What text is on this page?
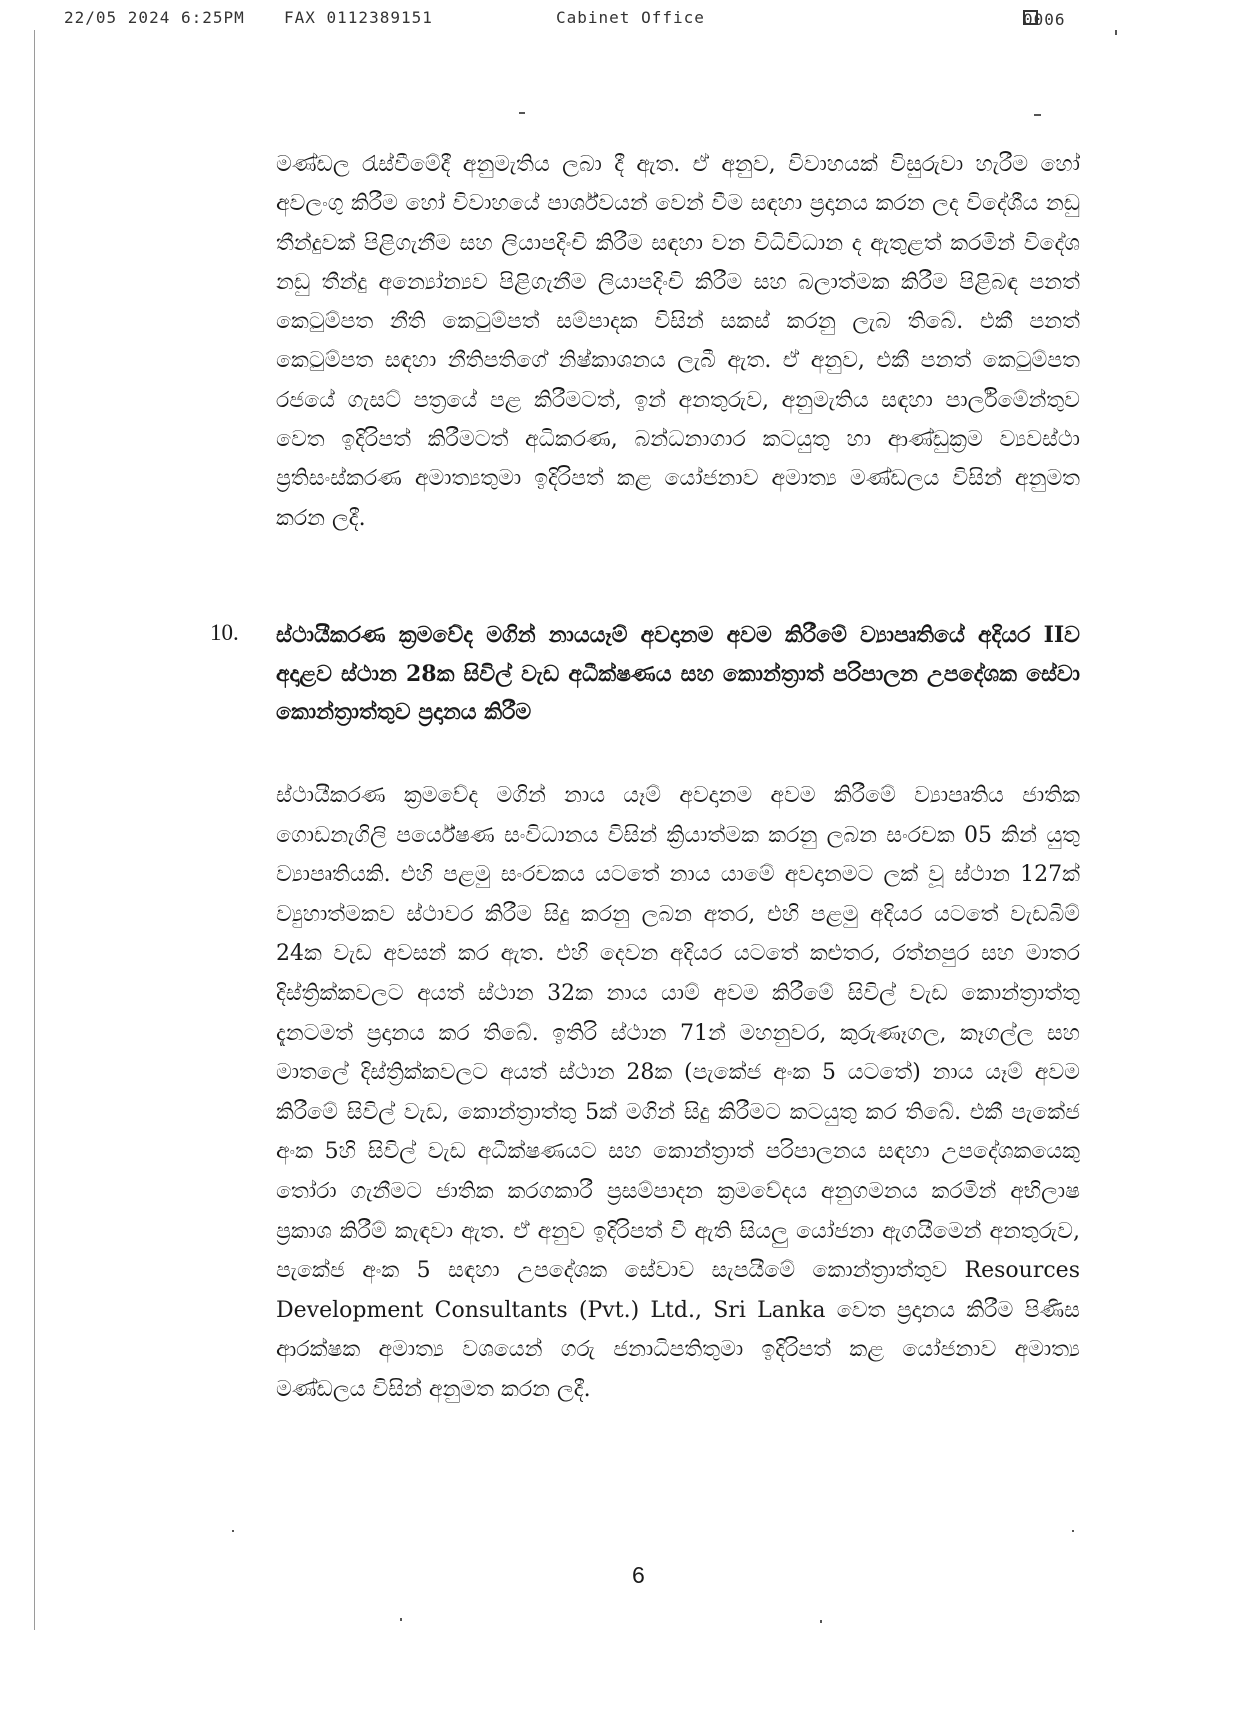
22/05 2024 6:25PM FAX 0112389151	Cabinet Office	0006
මණ්ඩල රැස්වීමේදී අනුමැතිය ලබා දී ඇත. ඒ අනුව, විවාහයක් විසුරුවා හැරීම හෝ අවලංගු කිරීම හෝ විවාහයේ පාර්ශ්වයන් වෙන් වීම සඳහා ප්‍රදානය කරන ලද විදේශීය නඩු තීන්දුවක් පිළිගැනීම සහ ලියාපදිංචි කිරීම සඳහා වන විධිවිධාන ද ඇතුළත් කරමින් විදේශ නඩු තීන්දු අන්‍යෝන්‍යව පිළිගැනීම ලියාපදිංචි කිරීම සහ බලාත්මක කිරීම පිළිබඳ පනත් කෙටුම්පත නීති කෙටුම්පත් සම්පාදක විසින් සකස් කරනු ලැබ තිබේ. එකී පනත් කෙටුම්පත සඳහා නීතිපතිගේ නිෂ්කාශනය ලැබී ඇත. ඒ අනුව, එකී පනත් කෙටුම්පත රජයේ ගැසට් පත්‍රයේ පළ කිරීමටත්, ඉන් අනතුරුව, අනුමැතිය සඳහා පාර්ලිමේන්තුව වෙත ඉදිරිපත් කිරීමටත් අධිකරණ, බන්ධනාගාර කටයුතු හා ආණ්ඩුක්‍රම ව්‍යවස්ථා ප්‍රතිසංස්කරණ අමාත්‍යතුමා ඉදිරිපත් කළ යෝජනාව අමාත්‍ය මණ්ඩලය විසින් අනුමත කරන ලදී.
10. ස්ථායීකරණ ක්‍රමවේද මගින් නායයෑම් අවදානම අවම කිරීමේ ව්‍යාපෘතියේ අදියර IIව අදාළව ස්ථාන 28ක සිවිල් වැඩ අධීක්ෂණය සහ කොන්ත්‍රාත් පරිපාලන උපදේශක සේවා කොන්ත්‍රාත්තුව ප්‍රදානය කිරීම
ස්ථායීකරණ ක්‍රමවේද මගින් නාය යෑම් අවදානම අවම කිරීමේ ව්‍යාපෘතිය ජාතික ගොඩනැගිලි පර්යේෂණ සංවිධානය විසින් ක්‍රියාත්මක කරනු ලබන සංරචක 05 කින් යුතු ව්‍යාපෘතියකි. එහි පළමු සංරචකය යටතේ නාය යාමේ අවදානමට ලක් වූ ස්ථාන 127ක් ව්‍යුහාත්මකව ස්ථාවර කිරීම සිදු කරනු ලබන අතර, එහි පළමු අදියර යටතේ වැඩබිම් 24ක වැඩ අවසන් කර ඇත. එහි දෙවන අදියර යටතේ කළුතර, රත්නපුර සහ මාතර දිස්ත්‍රික්කවලට අයත් ස්ථාන 32ක නාය යාම් අවම කිරීමේ සිවිල් වැඩ කොන්ත්‍රාත්තු දැනටමත් ප්‍රදානය කර තිබේ. ඉතිරි ස්ථාන 71න් මහනුවර, කුරුණෑගල, කෑගල්ල සහ මාතලේ දිස්ත්‍රික්කවලට අයත් ස්ථාන 28ක (පැකේජ අංක 5 යටතේ) නාය යෑම් අවම කිරීමේ සිවිල් වැඩ, කොන්ත්‍රාත්තු 5ක් මගින් සිදු කිරීමට කටයුතු කර තිබේ. එකී පැකේජ අංක 5හි සිවිල් වැඩ අධීක්ෂණයට සහ කොන්ත්‍රාත් පරිපාලනය සඳහා උපදේශකයෙකු තෝරා ගැනීමට ජාතික කරගකාරී ප්‍රසම්පාදන ක්‍රමවේදය අනුගමනය කරමින් අභිලාෂ ප්‍රකාශ කිරීම් කැඳවා ඇත. ඒ අනුව ඉදිරිපත් වී ඇති සියලු යෝජනා ඇගයීමෙන් අනතුරුව, පැකේජ අංක 5 සඳහා උපදේශක සේවාව සැපයීමේ කොන්ත්‍රාත්තුව Resources Development Consultants (Pvt.) Ltd., Sri Lanka වෙත ප්‍රදානය කිරීම පිණිස ආරක්ෂක අමාත්‍ය වශයෙන් ගරු ජනාධිපතිතුමා ඉදිරිපත් කළ යෝජනාව අමාත්‍ය මණ්ඩලය විසින් අනුමත කරන ලදී.
6
